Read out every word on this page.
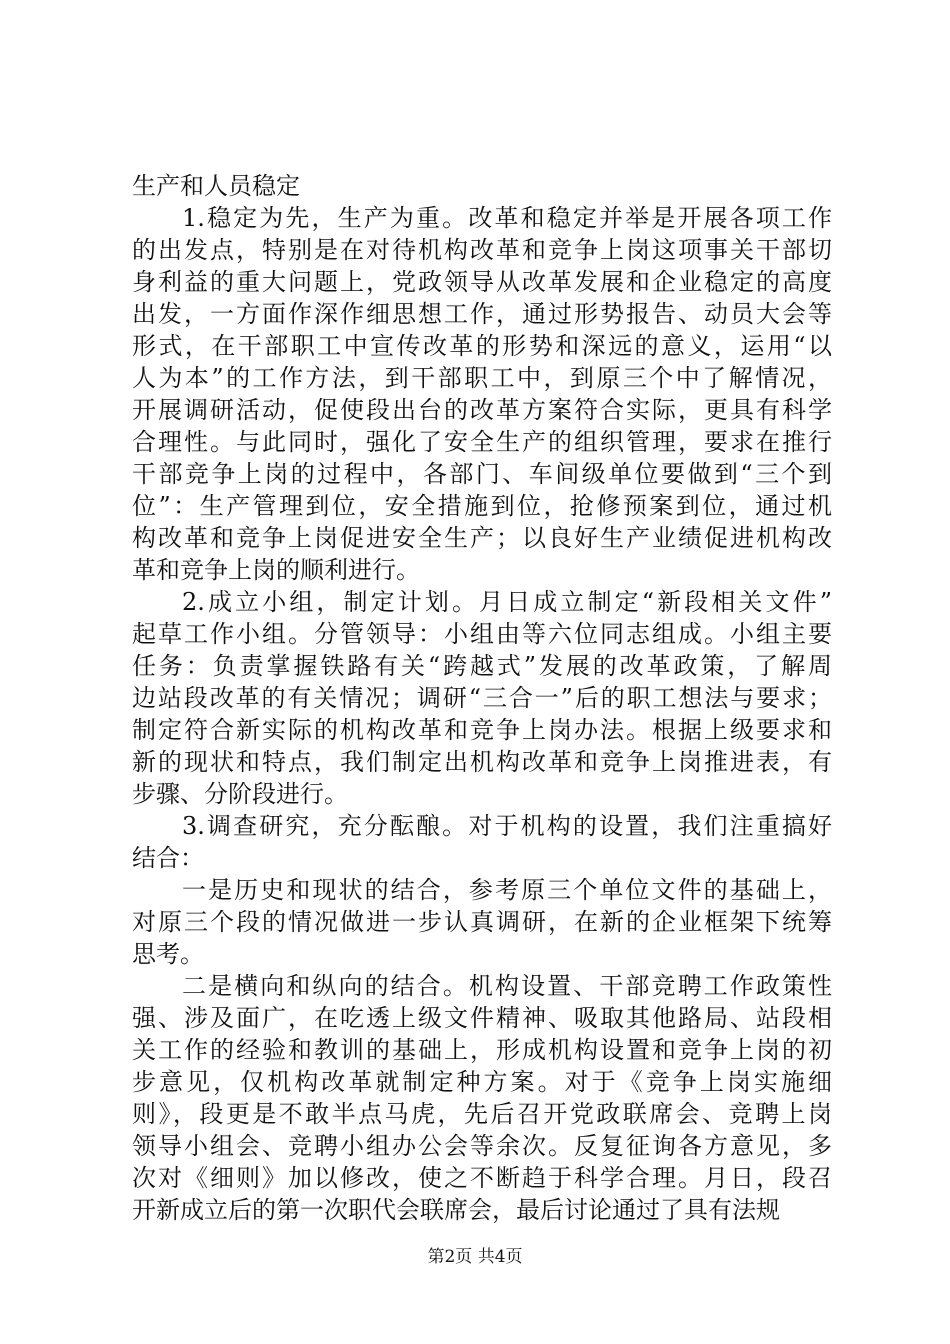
生产和人员稳定
1.稳定为先，生产为重。改革和稳定并举是开展各项工作
的出发点，特别是在对待机构改革和竞争上岗这项事关干部切
身利益的重大问题上，党政领导从改革发展和企业稳定的高度
出发，一方面作深作细思想工作，通过形势报告、动员大会等
形式，在干部职工中宣传改革的形势和深远的意义，运用“以
人为本”的工作方法，到干部职工中，到原三个中了解情况，
开展调研活动，促使段出台的改革方案符合实际，更具有科学
合理性。与此同时，强化了安全生产的组织管理，要求在推行
干部竞争上岗的过程中，各部门、车间级单位要做到“三个到
位”：生产管理到位，安全措施到位，抢修预案到位，通过机
构改革和竞争上岗促进安全生产；以良好生产业绩促进机构改
革和竞争上岗的顺利进行。
2.成立小组，制定计划。月日成立制定“新段相关文件”
起草工作小组。分管领导：小组由等六位同志组成。小组主要
任务：负责掌握铁路有关“跨越式”发展的改革政策，了解周
边站段改革的有关情况；调研“三合一”后的职工想法与要求；
制定符合新实际的机构改革和竞争上岗办法。根据上级要求和
新的现状和特点，我们制定出机构改革和竞争上岗推进表，有
步骤、分阶段进行。
3.调查研究，充分酝酿。对于机构的设置，我们注重搞好
结合：
一是历史和现状的结合，参考原三个单位文件的基础上，
对原三个段的情况做进一步认真调研，在新的企业框架下统筹
思考。
二是横向和纵向的结合。机构设置、干部竞聘工作政策性
强、涉及面广，在吃透上级文件精神、吸取其他路局、站段相
关工作的经验和教训的基础上，形成机构设置和竞争上岗的初
步意见，仅机构改革就制定种方案。对于《竞争上岗实施细
则》，段更是不敢半点马虎，先后召开党政联席会、竞聘上岗
领导小组会、竞聘小组办公会等余次。反复征询各方意见，多
次对《细则》加以修改，使之不断趋于科学合理。月日，段召
开新成立后的第一次职代会联席会，最后讨论通过了具有法规
第2页 共4页
